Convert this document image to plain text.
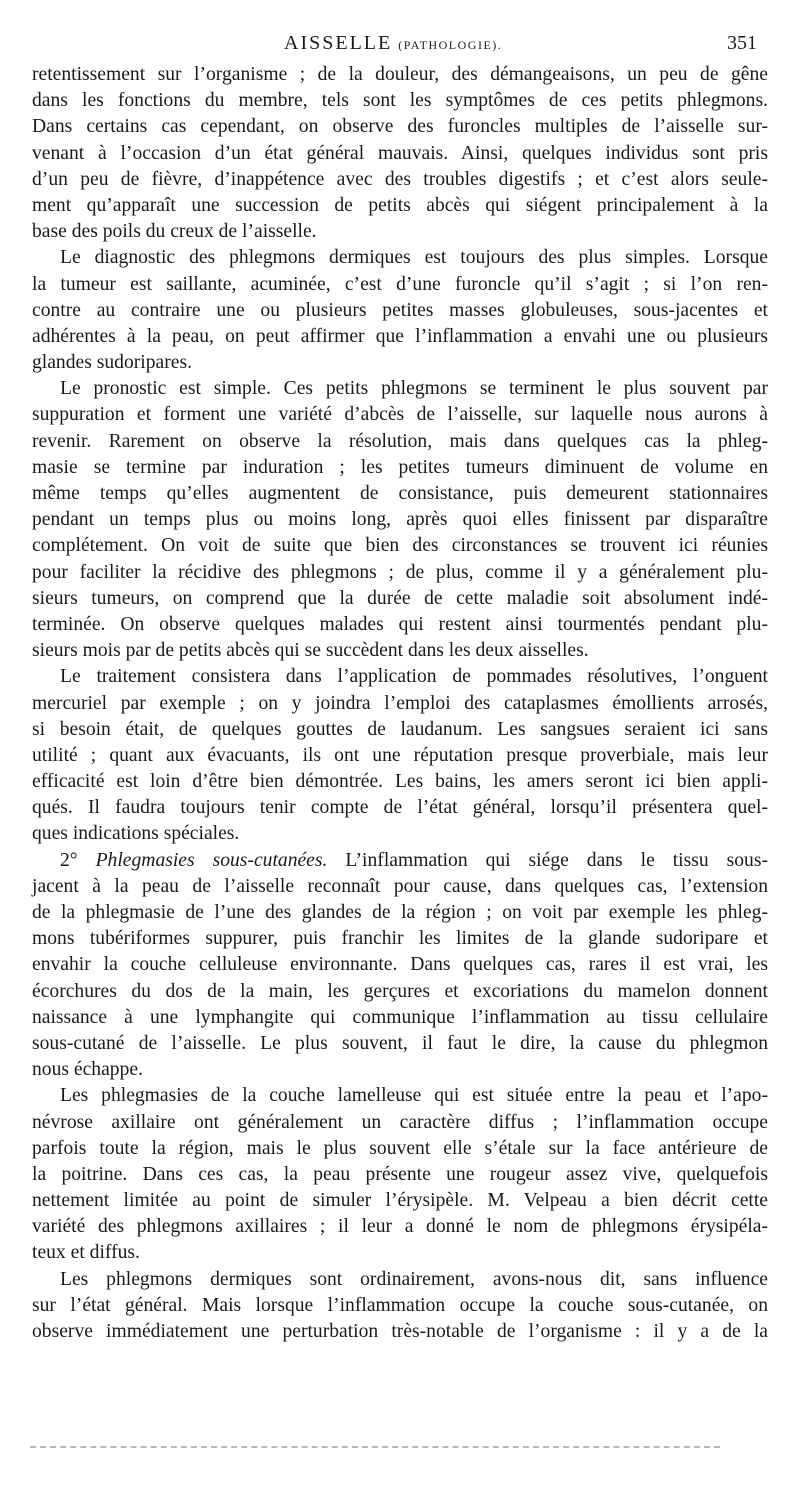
AISSELLE (PATHOLOGIE).	351
retentissement sur l’organisme ; de la douleur, des démangeaisons, un peu de gêne
dans les fonctions du membre, tels sont les symptômes de ces petits phlegmons.
Dans certains cas cependant, on observe des furoncles multiples de l’aisselle sur-
venant à l’occasion d’un état général mauvais. Ainsi, quelques individus sont pris
d’un peu de fièvre, d’inappétence avec des troubles digestifs ; et c’est alors seule-
ment qu’apparaît une succession de petits abcès qui siégent principalement à la
base des poils du creux de l’aisselle.
Le diagnostic des phlegmons dermiques est toujours des plus simples. Lorsque
la tumeur est saillante, acuminée, c’est d’une furoncle qu’il s’agit ; si l’on ren-
contre au contraire une ou plusieurs petites masses globuleuses, sous-jacentes et
adhérentes à la peau, on peut affirmer que l’inflammation a envahi une ou plusieurs
glandes sudoripares.
Le pronostic est simple. Ces petits phlegmons se terminent le plus souvent par
suppuration et forment une variété d’abcès de l’aisselle, sur laquelle nous aurons à
revenir. Rarement on observe la résolution, mais dans quelques cas la phleg-
masie se termine par induration ; les petites tumeurs diminuent de volume en
même temps qu’elles augmentent de consistance, puis demeurent stationnaires
pendant un temps plus ou moins long, après quoi elles finissent par disparaître
complétement. On voit de suite que bien des circonstances se trouvent ici réunies
pour faciliter la récidive des phlegmons ; de plus, comme il y a généralement plu-
sieurs tumeurs, on comprend que la durée de cette maladie soit absolument indé-
terminée. On observe quelques malades qui restent ainsi tourmentés pendant plu-
sieurs mois par de petits abcès qui se succèdent dans les deux aisselles.
Le traitement consistera dans l’application de pommades résolutives, l’onguent
mercuriel par exemple ; on y joindra l’emploi des cataplasmes émollients arrosés,
si besoin était, de quelques gouttes de laudanum. Les sangsues seraient ici sans
utilité ; quant aux évacuants, ils ont une réputation presque proverbiale, mais leur
efficacité est loin d’être bien démontrée. Les bains, les amers seront ici bien appli-
qués. Il faudra toujours tenir compte de l’état général, lorsqu’il présentera quel-
ques indications spéciales.
2° Phlegmasies sous-cutanées. L’inflammation qui siége dans le tissu sous-
jacent à la peau de l’aisselle reconnaît pour cause, dans quelques cas, l’extension
de la phlegmasie de l’une des glandes de la région ; on voit par exemple les phleg-
mons tubériformes suppurer, puis franchir les limites de la glande sudoripare et
envahir la couche celluleuse environnante. Dans quelques cas, rares il est vrai, les
écorchures du dos de la main, les gerçures et excoriations du mamelon donnent
naissance à une lymphangite qui communique l’inflammation au tissu cellulaire
sous-cutané de l’aisselle. Le plus souvent, il faut le dire, la cause du phlegmon
nous échappe.
Les phlegmasies de la couche lamelleuse qui est située entre la peau et l’apo-
névrose axillaire ont généralement un caractère diffus ; l’inflammation occupe
parfois toute la région, mais le plus souvent elle s’étale sur la face antérieure de
la poitrine. Dans ces cas, la peau présente une rougeur assez vive, quelquefois
nettement limitée au point de simuler l’érysipèle. M. Velpeau a bien décrit cette
variété des phlegmons axillaires ; il leur a donné le nom de phlegmons érysipéla-
teux et diffus.
Les phlegmons dermiques sont ordinairement, avons-nous dit, sans influence
sur l’état général. Mais lorsque l’inflammation occupe la couche sous-cutanée, on
observe immédiatement une perturbation très-notable de l’organisme : il y a de la
